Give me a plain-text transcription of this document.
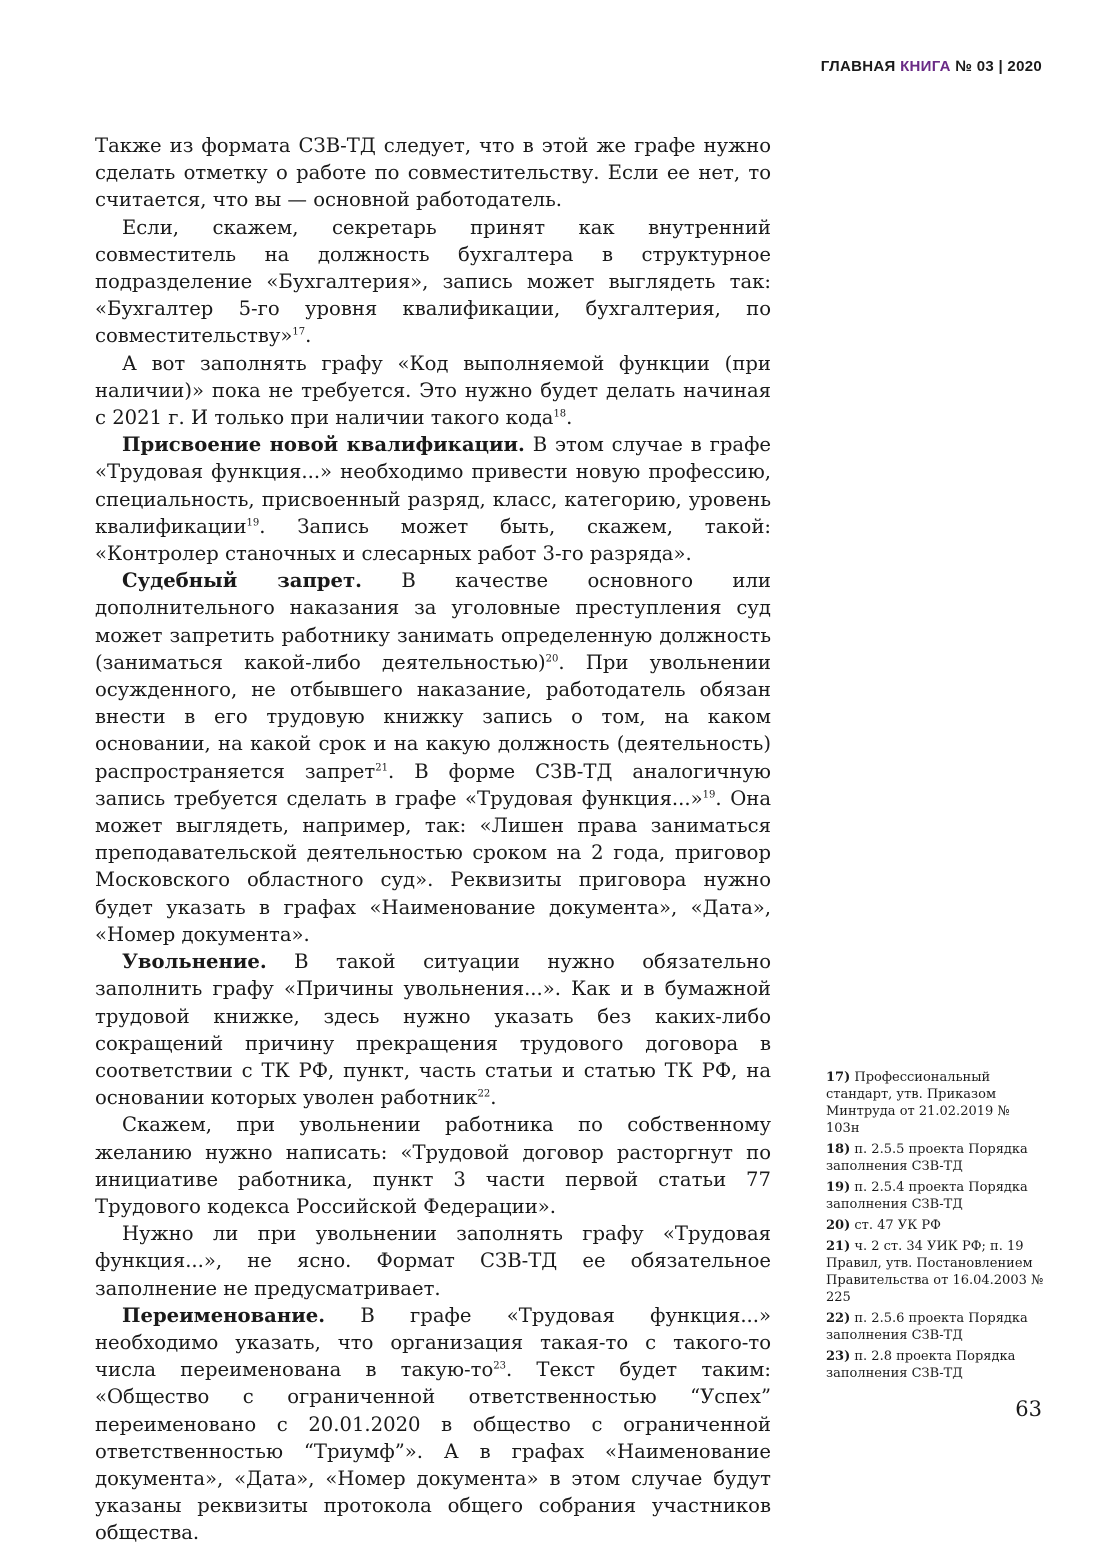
ГЛАВНАЯ КНИГА № 03 | 2020

Также из формата СЗВ-ТД следует, что в этой же графе нужно сделать отметку о работе по совместительству. Если ее нет, то считается, что вы — основной работодатель.

Если, скажем, секретарь принят как внутренний совместитель на должность бухгалтера в структурное подразделение «Бухгалтерия», запись может выглядеть так: «Бухгалтер 5-го уровня квалификации, бухгалтерия, по совместительству»$^{17}$.

А вот заполнять графу «Код выполняемой функции (при наличии)» пока не требуется. Это нужно будет делать начиная с 2021 г. И только при наличии такого кода$^{18}$.

Присвоение новой квалификации. В этом случае в графе «Трудовая функция...» необходимо привести новую профессию, специальность, присвоенный разряд, класс, категорию, уровень квалификации$^{19}$. Запись может быть, скажем, такой: «Контролер станочных и слесарных работ 3-го разряда».

Судебный запрет. В качестве основного или дополнительного наказания за уголовные преступления суд может запретить работнику занимать определенную должность (заниматься какой-либо деятельностью)$^{20}$. При увольнении осужденного, не отбывшего наказание, работодатель обязан внести в его трудовую книжку запись о том, на каком основании, на какой срок и на какую должность (деятельность) распространяется запрет$^{21}$. В форме СЗВ-ТД аналогичную запись требуется сделать в графе «Трудовая функция...»$^{19}$. Она может выглядеть, например, так: «Лишен права заниматься преподавательской деятельностью сроком на 2 года, приговор Московского областного суд». Реквизиты приговора нужно будет указать в графах «Наименование документа», «Дата», «Номер документа».

Увольнение. В такой ситуации нужно обязательно заполнить графу «Причины увольнения...». Как и в бумажной трудовой книжке, здесь нужно указать без каких-либо сокращений причину прекращения трудового договора в соответствии с ТК РФ, пункт, часть статьи и статью ТК РФ, на основании которых уволен работник$^{22}$.

Скажем, при увольнении работника по собственному желанию нужно написать: «Трудовой договор расторгнут по инициативе работника, пункт 3 части первой статьи 77 Трудового кодекса Российской Федерации».

Нужно ли при увольнении заполнять графу «Трудовая функция...», не ясно. Формат СЗВ-ТД ее обязательное заполнение не предусматривает.

Переименование. В графе «Трудовая функция...» необходимо указать, что организация такая-то с такого-то числа переименована в такую-$то^{23}$. Текст будет таким: «Общество с ограниченной ответственностью “Успех” переименовано с 20.01.2020 в общество с ограниченной ответственностью “Триумф”». А в графах «Наименование документа», «Дата», «Номер документа» в этом случае будут указаны реквизиты протокола общего собрания участников общества.

17) Профессиональный стандарт, утв. Приказом Минтруда от 21.02.2019 № 103н
18) п. 2.5.5 проекта Порядка заполнения СЗВ-ТД
19) п. 2.5.4 проекта Порядка заполнения СЗВ-ТД
20) ст. 47 УК РФ
21) ч. 2 ст. 34 УИК РФ; п. 19 Правил, утв. Постановлением Правительства от 16.04.2003 № 225
22) п. 2.5.6 проекта Порядка заполнения СЗВ-ТД
23) п. 2.8 проекта Порядка заполнения СЗВ-ТД
63
